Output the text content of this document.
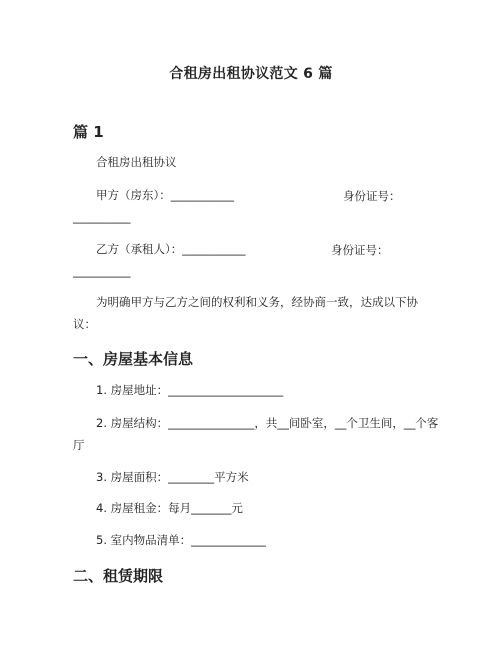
合租房出租协议范文 6 篇
篇 1
合租房出租协议
甲方（房东）：___________	身份证号：
__________
乙方（承租人）：___________	身份证号：
__________
为明确甲方与乙方之间的权利和义务，经协商一致，达成以下协
议：
一、房屋基本信息
1. 房屋地址：____________________
2. 房屋结构：_______________，共__间卧室，__个卫生间，__个客
厅
3. 房屋面积：________平方米
4. 房屋租金：每月_______元
5. 室内物品清单：_____________
二、租赁期限
